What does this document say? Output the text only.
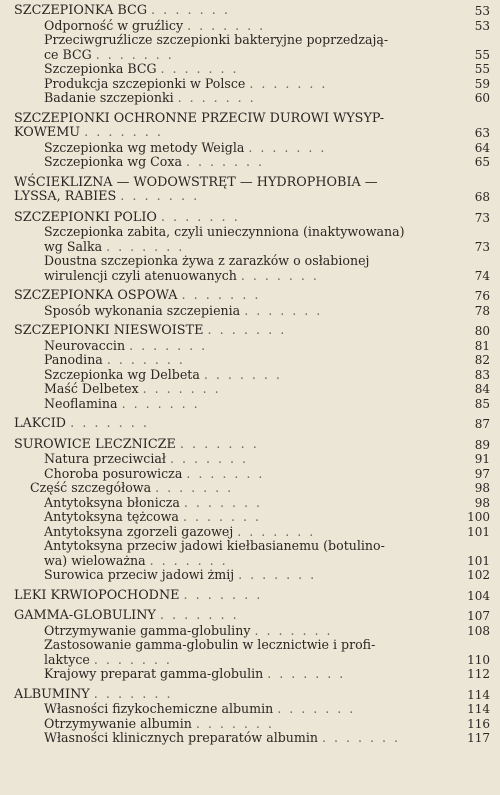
SZCZEPIONKA BCG . . . . . . .	53
Odporność w gruźlicy . . . . . . .	53
Przeciwgruźlicze szczepionki bakteryjne poprzedzają-
ce BCG . . . . . . .	55
Szczepionka BCG . . . . . . .	55
Produkcja szczepionki w Polsce . . . . . . .	59
Badanie szczepionki . . . . . . .	60
SZCZEPIONKI OCHRONNE PRZECIW DUROWI WYSYP-
KOWEMU . . . . . . .	63
Szczepionka wg metody Weigla . . . . . . .	64
Szczepionka wg Coxa . . . . . . .	65
WŚCIEKLIZNA — WODOWSTRĘT — HYDROPHOBIA —
LYSSA, RABIES . . . . . . .	68
SZCZEPIONKI POLIO . . . . . . .	73
Szczepionka zabita, czyli unieczynniona (inaktywowana)
wg Salka . . . . . . .	73
Doustna szczepionka żywa z zarazków o osłabionej
wirulencji czyli atenuowanych . . . . . . .	74
SZCZEPIONKA OSPOWA . . . . . . .	76
Sposób wykonania szczepienia . . . . . . .	78
SZCZEPIONKI NIESWOISTE . . . . . . .	80
Neurovaccin . . . . . . .	81
Panodina . . . . . . .	82
Szczepionka wg Delbeta . . . . . . .	83
Maść Delbetex . . . . . . .	84
Neoflamina . . . . . . .	85
LAKCID . . . . . . .	87
SUROWICE LECZNICZE . . . . . . .	89
Natura przeciwciał . . . . . . .	91
Choroba posurowicza . . . . . . .	97
Część szczegółowa . . . . . . .	98
Antytoksyna błonicza . . . . . . .	98
Antytoksyna tężcowa . . . . . . .	100
Antytoksyna zgorzeli gazowej . . . . . . .	101
Antytoksyna przeciw jadowi kiełbasianemu (botulino-
wa) wieloważna . . . . . . .	101
Surowica przeciw jadowi żmij . . . . . . .	102
LEKI KRWIOPOCHODNE . . . . . . .	104
GAMMA-GLOBULINY . . . . . . .	107
Otrzymywanie gamma-globuliny . . . . . . .	108
Zastosowanie gamma-globulin w lecznictwie i profi-
laktyce . . . . . . .	110
Krajowy preparat gamma-globulin . . . . . . .	112
ALBUMINY . . . . . . .	114
Własności fizykochemiczne albumin . . . . . . .	114
Otrzymywanie albumin . . . . . . .	116
Własności klinicznych preparatów albumin . . . . . . .	117
